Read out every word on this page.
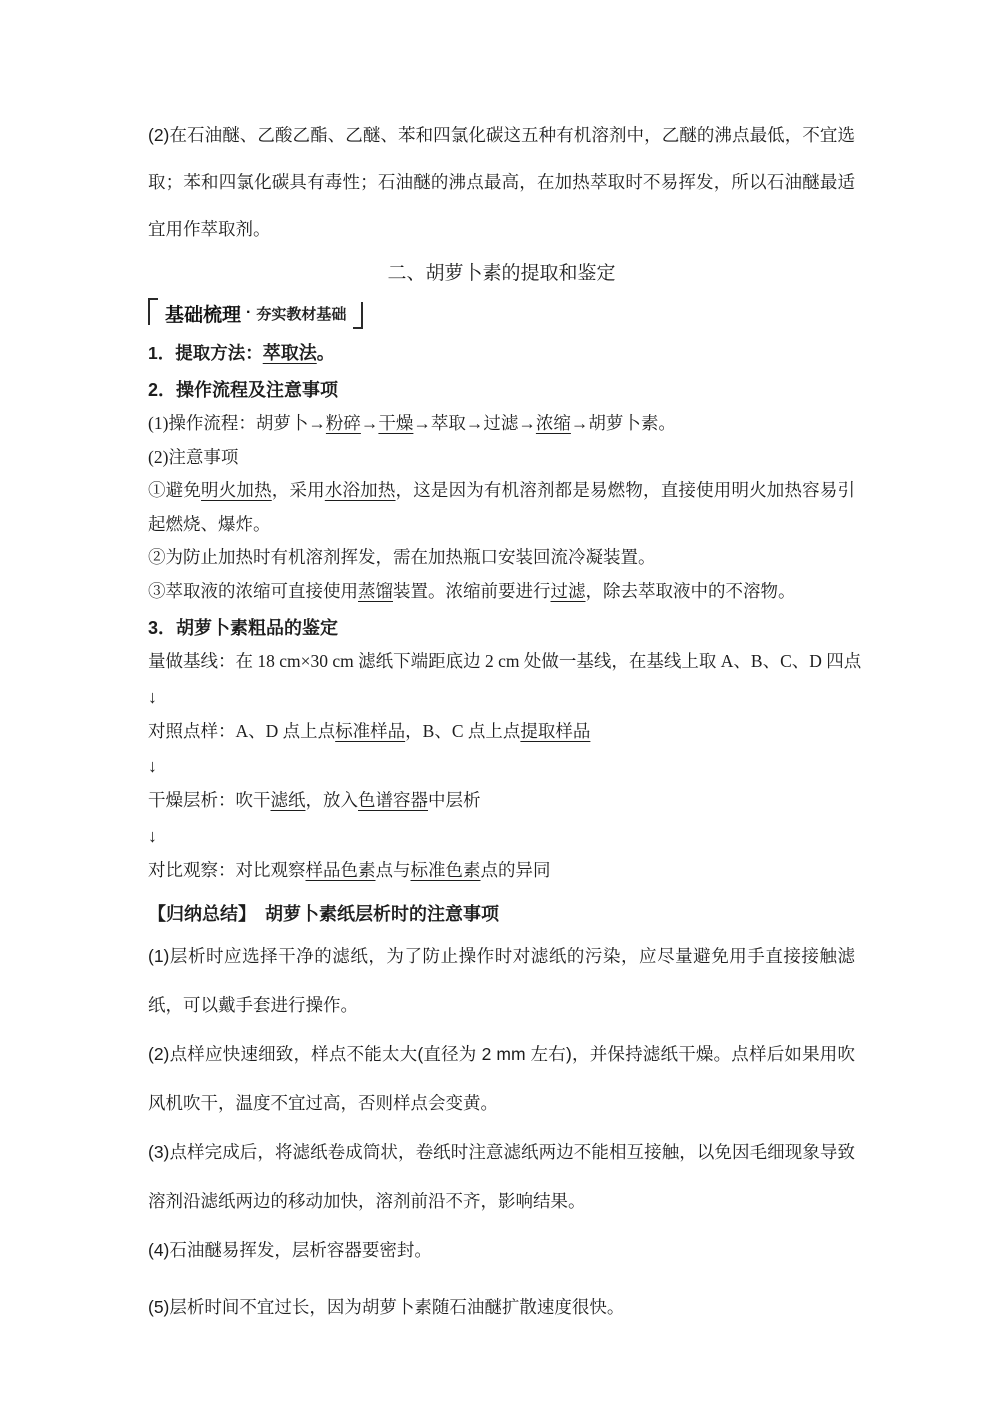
(2)在石油醚、乙酸乙酯、乙醚、苯和四氯化碳这五种有机溶剂中，乙醚的沸点最低，不宜选取；苯和四氯化碳具有毒性；石油醚的沸点最高，在加热萃取时不易挥发，所以石油醚最适宜用作萃取剂。

二、胡萝卜素的提取和鉴定

基础梳理 · 夯实教材基础

1．提取方法：萃取法。

2．操作流程及注意事项

(1)操作流程：胡萝卜→粉碎→干燥→萃取→过滤→浓缩→胡萝卜素。

(2)注意事项

①避免明火加热，采用水浴加热，这是因为有机溶剂都是易燃物，直接使用明火加热容易引起燃烧、爆炸。

②为防止加热时有机溶剂挥发，需在加热瓶口安装回流冷凝装置。

③萃取液的浓缩可直接使用蒸馏装置。浓缩前要进行过滤，除去萃取液中的不溶物。

3．胡萝卜素粗品的鉴定

量做基线：在 18 cm×30 cm 滤纸下端距底边 2 cm 处做一基线，在基线上取 A、B、C、D 四点

↓

对照点样：A、D 点上点标准样品，B、C 点上点提取样品

↓

干燥层析：吹干滤纸，放入色谱容器中层析

↓

对比观察：对比观察样品色素点与标准色素点的异同

【归纳总结】　胡萝卜素纸层析时的注意事项

(1)层析时应选择干净的滤纸，为了防止操作时对滤纸的污染，应尽量避免用手直接接触滤纸，可以戴手套进行操作。

(2)点样应快速细致，样点不能太大(直径为 2 mm 左右)，并保持滤纸干燥。点样后如果用吹风机吹干，温度不宜过高，否则样点会变黄。

(3)点样完成后，将滤纸卷成筒状，卷纸时注意滤纸两边不能相互接触，以免因毛细现象导致溶剂沿滤纸两边的移动加快，溶剂前沿不齐，影响结果。

(4)石油醚易挥发，层析容器要密封。

(5)层析时间不宜过长，因为胡萝卜素随石油醚扩散速度很快。
